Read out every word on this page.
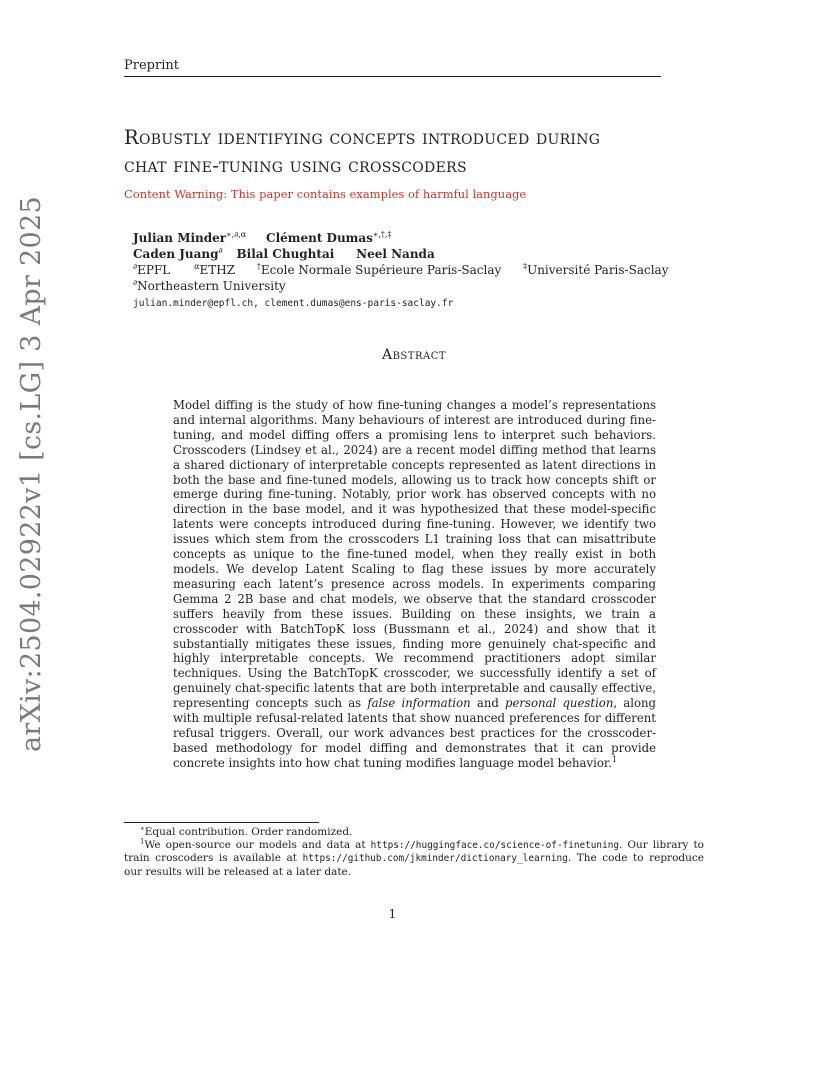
Preprint
arXiv:2504.02922v1 [cs.LG] 3 Apr 2025
Robustly identifying concepts introduced during
chat fine-tuning using crosscoders
Content Warning: This paper contains examples of harmful language
Julian Minder$^{∗,\partial,\alpha}$ Clément Dumas∗,†,‡
Caden Juang∂ Bilal Chughtai Neel Nanda
∂EPFL	$^\alpha$ETHZ	†Ecole Normale Supérieure Paris-Saclay	‡Université Paris-Saclay
∂Northeastern University
julian.minder@epfl.ch, clement.dumas@ens-paris-saclay.fr
Abstract
Model diffing is the study of how fine-tuning changes a model’s representations and internal algorithms. Many behaviours of interest are introduced during fine-tuning, and model diffing offers a promising lens to interpret such behaviors. Crosscoders (Lindsey et al., 2024) are a recent model diffing method that learns a shared dictionary of interpretable concepts represented as latent directions in both the base and fine-tuned models, allowing us to track how concepts shift or emerge during fine-tuning. Notably, prior work has observed concepts with no direction in the base model, and it was hypothesized that these model-specific latents were concepts introduced during fine-tuning. However, we identify two issues which stem from the crosscoders L1 training loss that can misattribute concepts as unique to the fine-tuned model, when they really exist in both models. We develop Latent Scaling to flag these issues by more accurately measuring each latent’s presence across models. In experiments comparing Gemma 2 2B base and chat models, we observe that the standard crosscoder suffers heavily from these issues. Building on these insights, we train a crosscoder with BatchTopK loss (Bussmann et al., 2024) and show that it substantially mitigates these issues, finding more genuinely chat-specific and highly interpretable concepts. We recommend practitioners adopt similar techniques. Using the BatchTopK crosscoder, we successfully identify a set of genuinely chat-specific latents that are both interpretable and causally effective, representing concepts such as false information and personal question, along with multiple refusal-related latents that show nuanced preferences for different refusal triggers. Overall, our work advances best practices for the crosscoder-based methodology for model diffing and demonstrates that it can provide concrete insights into how chat tuning modifies language model behavior.$^1$
∗Equal contribution. Order randomized.
$^1$We open-source our models and data at https://huggingface.co/science-of-finetuning. Our library to train croscoders is available at https://github.com/jkminder/dictionary_learning. The code to reproduce our results will be released at a later date.
1
